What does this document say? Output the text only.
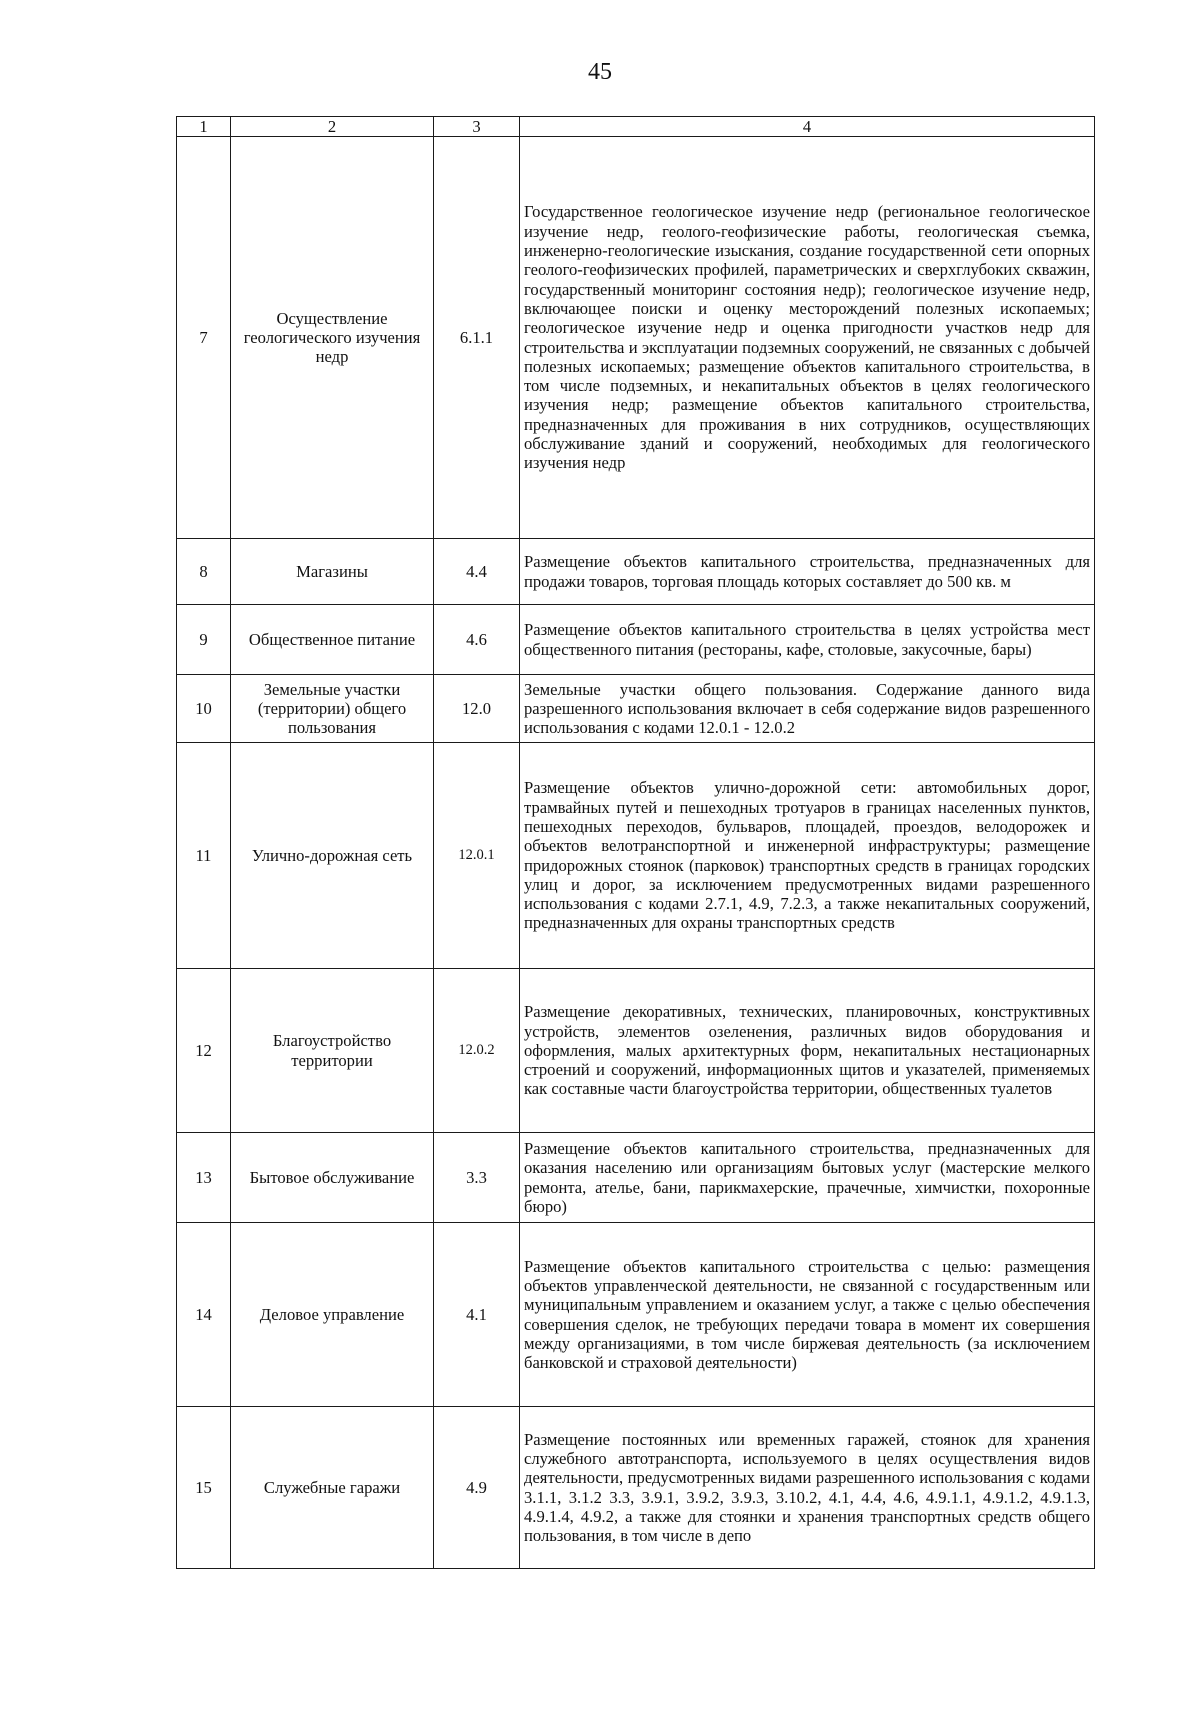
45
1	2	3	4
7	Осуществление геологического изучения недр	6.1.1	Государственное геологическое изучение недр (региональное геологическое изучение недр, геолого-геофизические работы, геологическая съемка, инженерно-геологические изыскания, создание государственной сети опорных геолого-геофизических профилей, параметрических и сверхглубоких скважин, государственный мониторинг состояния недр); геологическое изучение недр, включающее поиски и оценку месторождений полезных ископаемых; геологическое изучение недр и оценка пригодности участков недр для строительства и эксплуатации подземных сооружений, не связанных с добычей полезных ископаемых; размещение объектов капитального строительства, в том числе подземных, и некапитальных объектов в целях геологического изучения недр; размещение объектов капитального строительства, предназначенных для проживания в них сотрудников, осуществляющих обслуживание зданий и сооружений, необходимых для геологического изучения недр
8	Магазины	4.4	Размещение объектов капитального строительства, предназначенных для продажи товаров, торговая площадь которых составляет до 500 кв. м
9	Общественное питание	4.6	Размещение объектов капитального строительства в целях устройства мест общественного питания (рестораны, кафе, столовые, закусочные, бары)
10	Земельные участки (территории) общего пользования	12.0	Земельные участки общего пользования. Содержание данного вида разрешенного использования включает в себя содержание видов разрешенного использования с кодами 12.0.1 - 12.0.2
11	Улично-дорожная сеть	12.0.1	Размещение объектов улично-дорожной сети: автомобильных дорог, трамвайных путей и пешеходных тротуаров в границах населенных пунктов, пешеходных переходов, бульваров, площадей, проездов, велодорожек и объектов велотранспортной и инженерной инфраструктуры; размещение придорожных стоянок (парковок) транспортных средств в границах городских улиц и дорог, за исключением предусмотренных видами разрешенного использования с кодами 2.7.1, 4.9, 7.2.3, а также некапитальных сооружений, предназначенных для охраны транспортных средств
12	Благоустройство территории	12.0.2	Размещение декоративных, технических, планировочных, конструктивных устройств, элементов озеленения, различных видов оборудования и оформления, малых архитектурных форм, некапитальных нестационарных строений и сооружений, информационных щитов и указателей, применяемых как составные части благоустройства территории, общественных туалетов
13	Бытовое обслуживание	3.3	Размещение объектов капитального строительства, предназначенных для оказания населению или организациям бытовых услуг (мастерские мелкого ремонта, ателье, бани, парикмахерские, прачечные, химчистки, похоронные бюро)
14	Деловое управление	4.1	Размещение объектов капитального строительства с целью: размещения объектов управленческой деятельности, не связанной с государственным или муниципальным управлением и оказанием услуг, а также с целью обеспечения совершения сделок, не требующих передачи товара в момент их совершения между организациями, в том числе биржевая деятельность (за исключением банковской и страховой деятельности)
15	Служебные гаражи	4.9	Размещение постоянных или временных гаражей, стоянок для хранения служебного автотранспорта, используемого в целях осуществления видов деятельности, предусмотренных видами разрешенного использования с кодами 3.1.1, 3.1.2 3.3, 3.9.1, 3.9.2, 3.9.3, 3.10.2, 4.1, 4.4, 4.6, 4.9.1.1, 4.9.1.2, 4.9.1.3, 4.9.1.4, 4.9.2, а также для стоянки и хранения транспортных средств общего пользования, в том числе в депо
